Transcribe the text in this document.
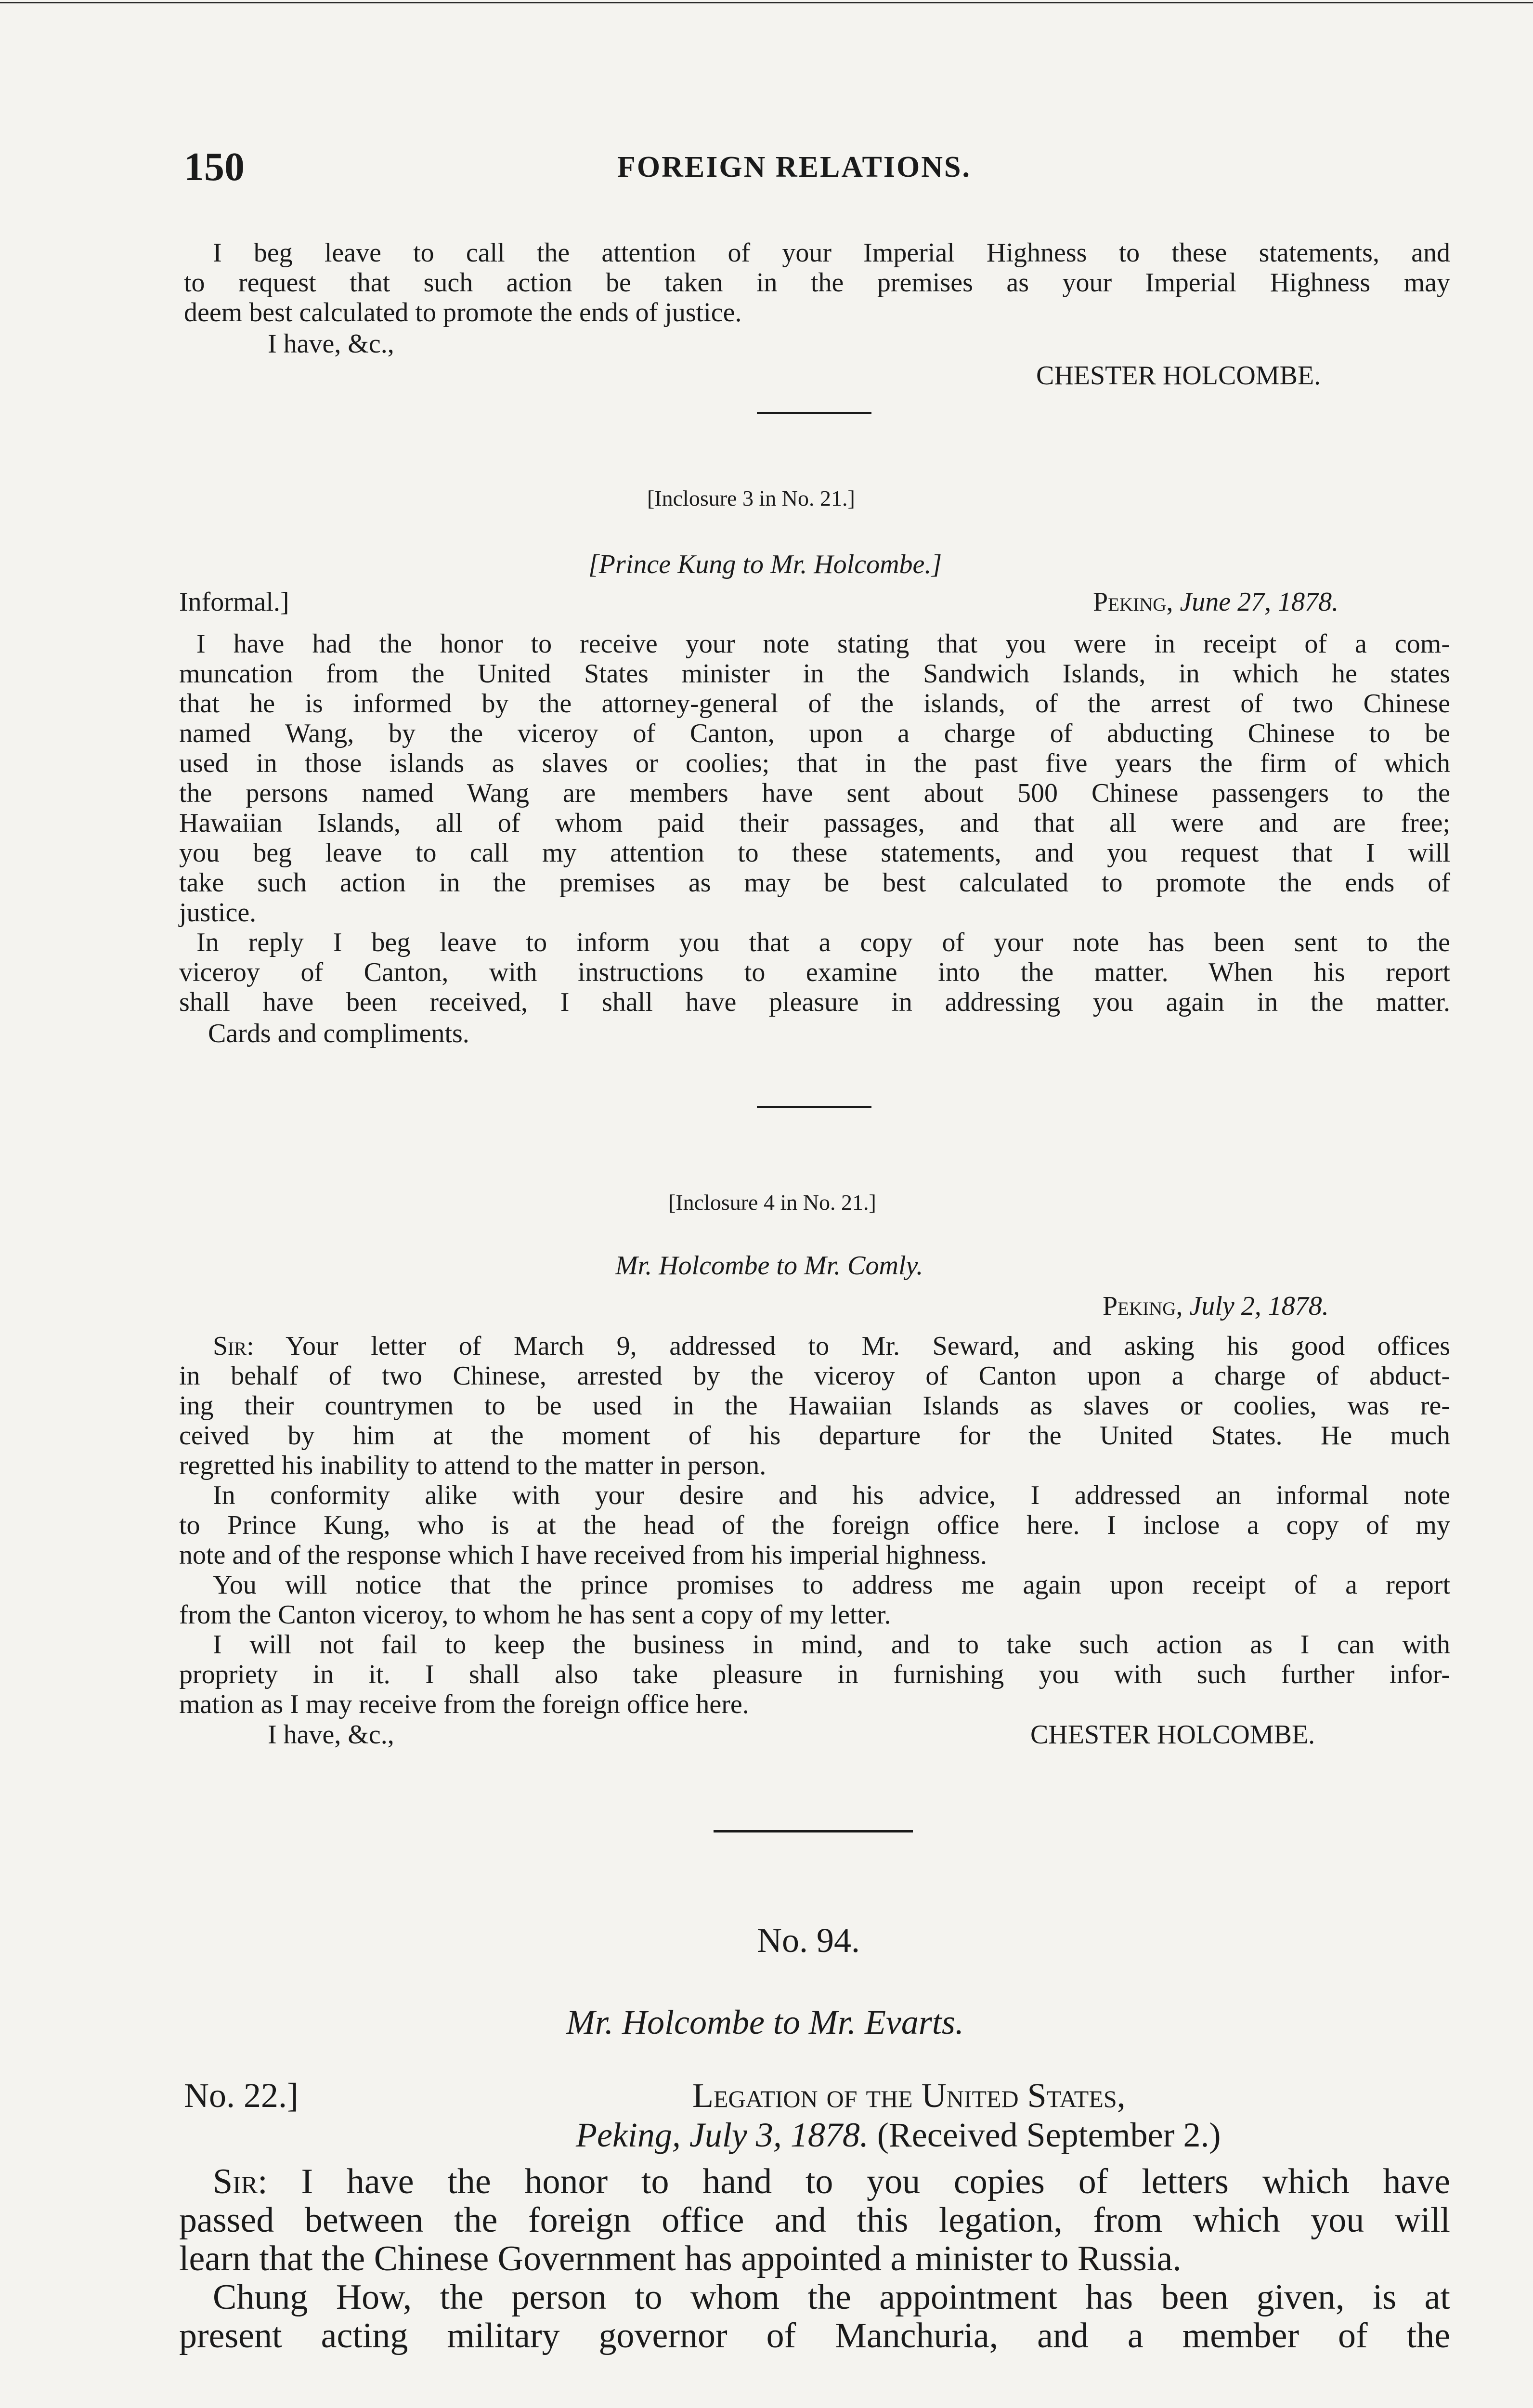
150	FOREIGN RELATIONS.
I beg leave to call the attention of your Imperial Highness to these statements, and
to request that such action be taken in the premises as your Imperial Highness may
deem best calculated to promote the ends of justice.
I have, &c.,
CHESTER HOLCOMBE.
[Inclosure 3 in No. 21.]
[Prince Kung to Mr. Holcombe.]
Informal.]	Peking, June 27, 1878.
I have had the honor to receive your note stating that you were in receipt of a com-
muncation from the United States minister in the Sandwich Islands, in which he states
that he is informed by the attorney-general of the islands, of the arrest of two Chinese
named Wang, by the viceroy of Canton, upon a charge of abducting Chinese to be
used in those islands as slaves or coolies; that in the past five years the firm of which
the persons named Wang are members have sent about 500 Chinese passengers to the
Hawaiian Islands, all of whom paid their passages, and that all were and are free;
you beg leave to call my attention to these statements, and you request that I will
take such action in the premises as may be best calculated to promote the ends of
justice.
In reply I beg leave to inform you that a copy of your note has been sent to the
viceroy of Canton, with instructions to examine into the matter. When his report
shall have been received, I shall have pleasure in addressing you again in the matter.
Cards and compliments.
[Inclosure 4 in No. 21.]
Mr. Holcombe to Mr. Comly.
Peking, July 2, 1878.
Sir: Your letter of March 9, addressed to Mr. Seward, and asking his good offices
in behalf of two Chinese, arrested by the viceroy of Canton upon a charge of abduct-
ing their countrymen to be used in the Hawaiian Islands as slaves or coolies, was re-
ceived by him at the moment of his departure for the United States. He much
regretted his inability to attend to the matter in person.
In conformity alike with your desire and his advice, I addressed an informal note
to Prince Kung, who is at the head of the foreign office here. I inclose a copy of my
note and of the response which I have received from his imperial highness.
You will notice that the prince promises to address me again upon receipt of a report
from the Canton viceroy, to whom he has sent a copy of my letter.
I will not fail to keep the business in mind, and to take such action as I can with
propriety in it. I shall also take pleasure in furnishing you with such further infor-
mation as I may receive from the foreign office here.
I have, &c.,	CHESTER HOLCOMBE.
No. 94.
Mr. Holcombe to Mr. Evarts.
No. 22.]	Legation of the United States,
Peking, July 3, 1878. (Received September 2.)
Sir: I have the honor to hand to you copies of letters which have
passed between the foreign office and this legation, from which you will
learn that the Chinese Government has appointed a minister to Russia.
Chung How, the person to whom the appointment has been given, is at
present acting military governor of Manchuria, and a member of the
